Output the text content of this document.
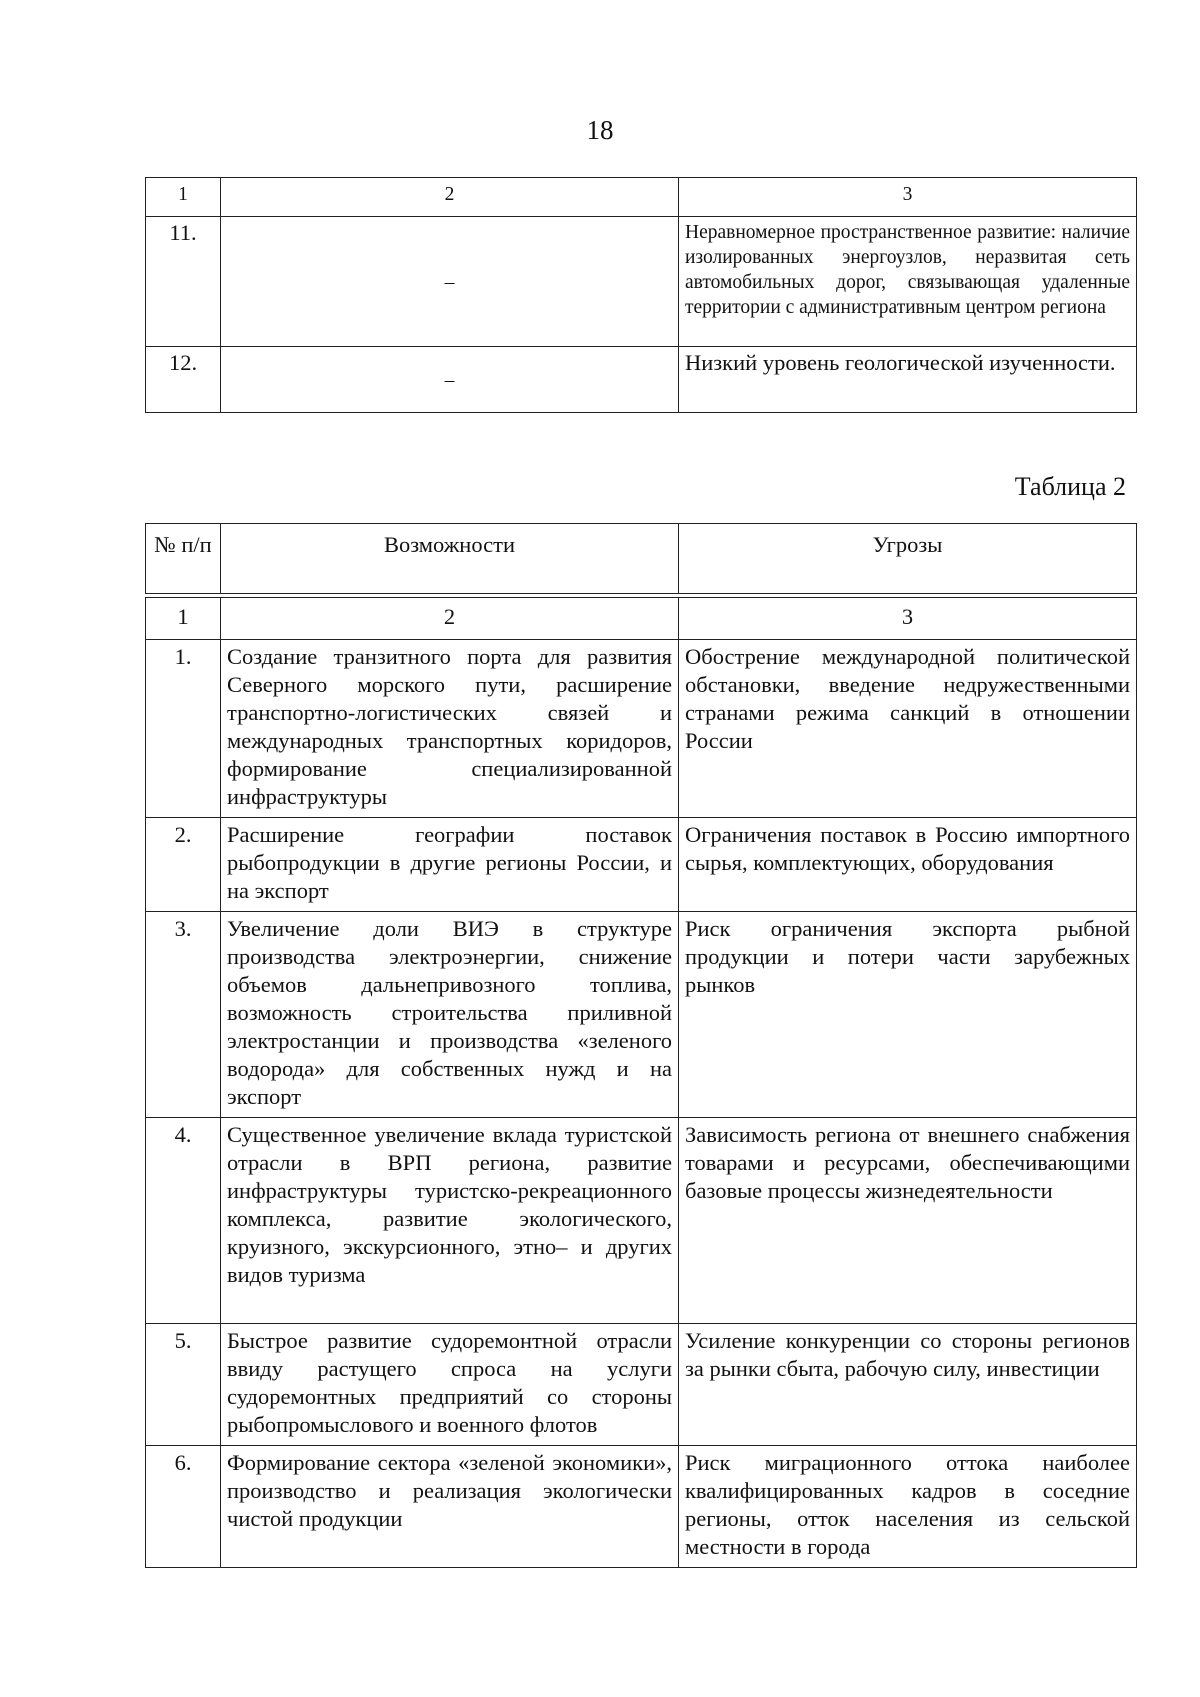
18
1	2	3
11.	–	Неравномерное пространственное развитие: наличие изолированных энергоузлов, неразвитая сеть автомобильных дорог, связывающая удаленные территории с административным центром региона
12.	–	Низкий уровень геологической изученности.
Таблица 2
№ п/п	Возможности	Угрозы
1	2	3
1.	Создание транзитного порта для развития Северного морского пути, расширение транспортно-логистических связей и международных транспортных коридоров, формирование специализированной инфраструктуры	Обострение международной политической обстановки, введение недружественными странами режима санкций в отношении России
2.	Расширение географии поставок рыбопродукции в другие регионы России, и на экспорт	Ограничения поставок в Россию импортного сырья, комплектующих, оборудования
3.	Увеличение доли ВИЭ в структуре производства электроэнергии, снижение объемов дальнепривозного топлива, возможность строительства приливной электростанции и производства «зеленого водорода» для собственных нужд и на экспорт	Риск ограничения экспорта рыбной продукции и потери части зарубежных рынков
4.	Существенное увеличение вклада туристской отрасли в ВРП региона, развитие инфраструктуры туристско-рекреационного комплекса, развитие экологического, круизного, экскурсионного, этно– и других видов туризма	Зависимость региона от внешнего снабжения товарами и ресурсами, обеспечивающими базовые процессы жизнедеятельности
5.	Быстрое развитие судоремонтной отрасли ввиду растущего спроса на услуги судоремонтных предприятий со стороны рыбопромыслового и военного флотов	Усиление конкуренции со стороны регионов за рынки сбыта, рабочую силу, инвестиции
6.	Формирование сектора «зеленой экономики», производство и реализация экологически чистой продукции	Риск миграционного оттока наиболее квалифицированных кадров в соседние регионы, отток населения из сельской местности в города
